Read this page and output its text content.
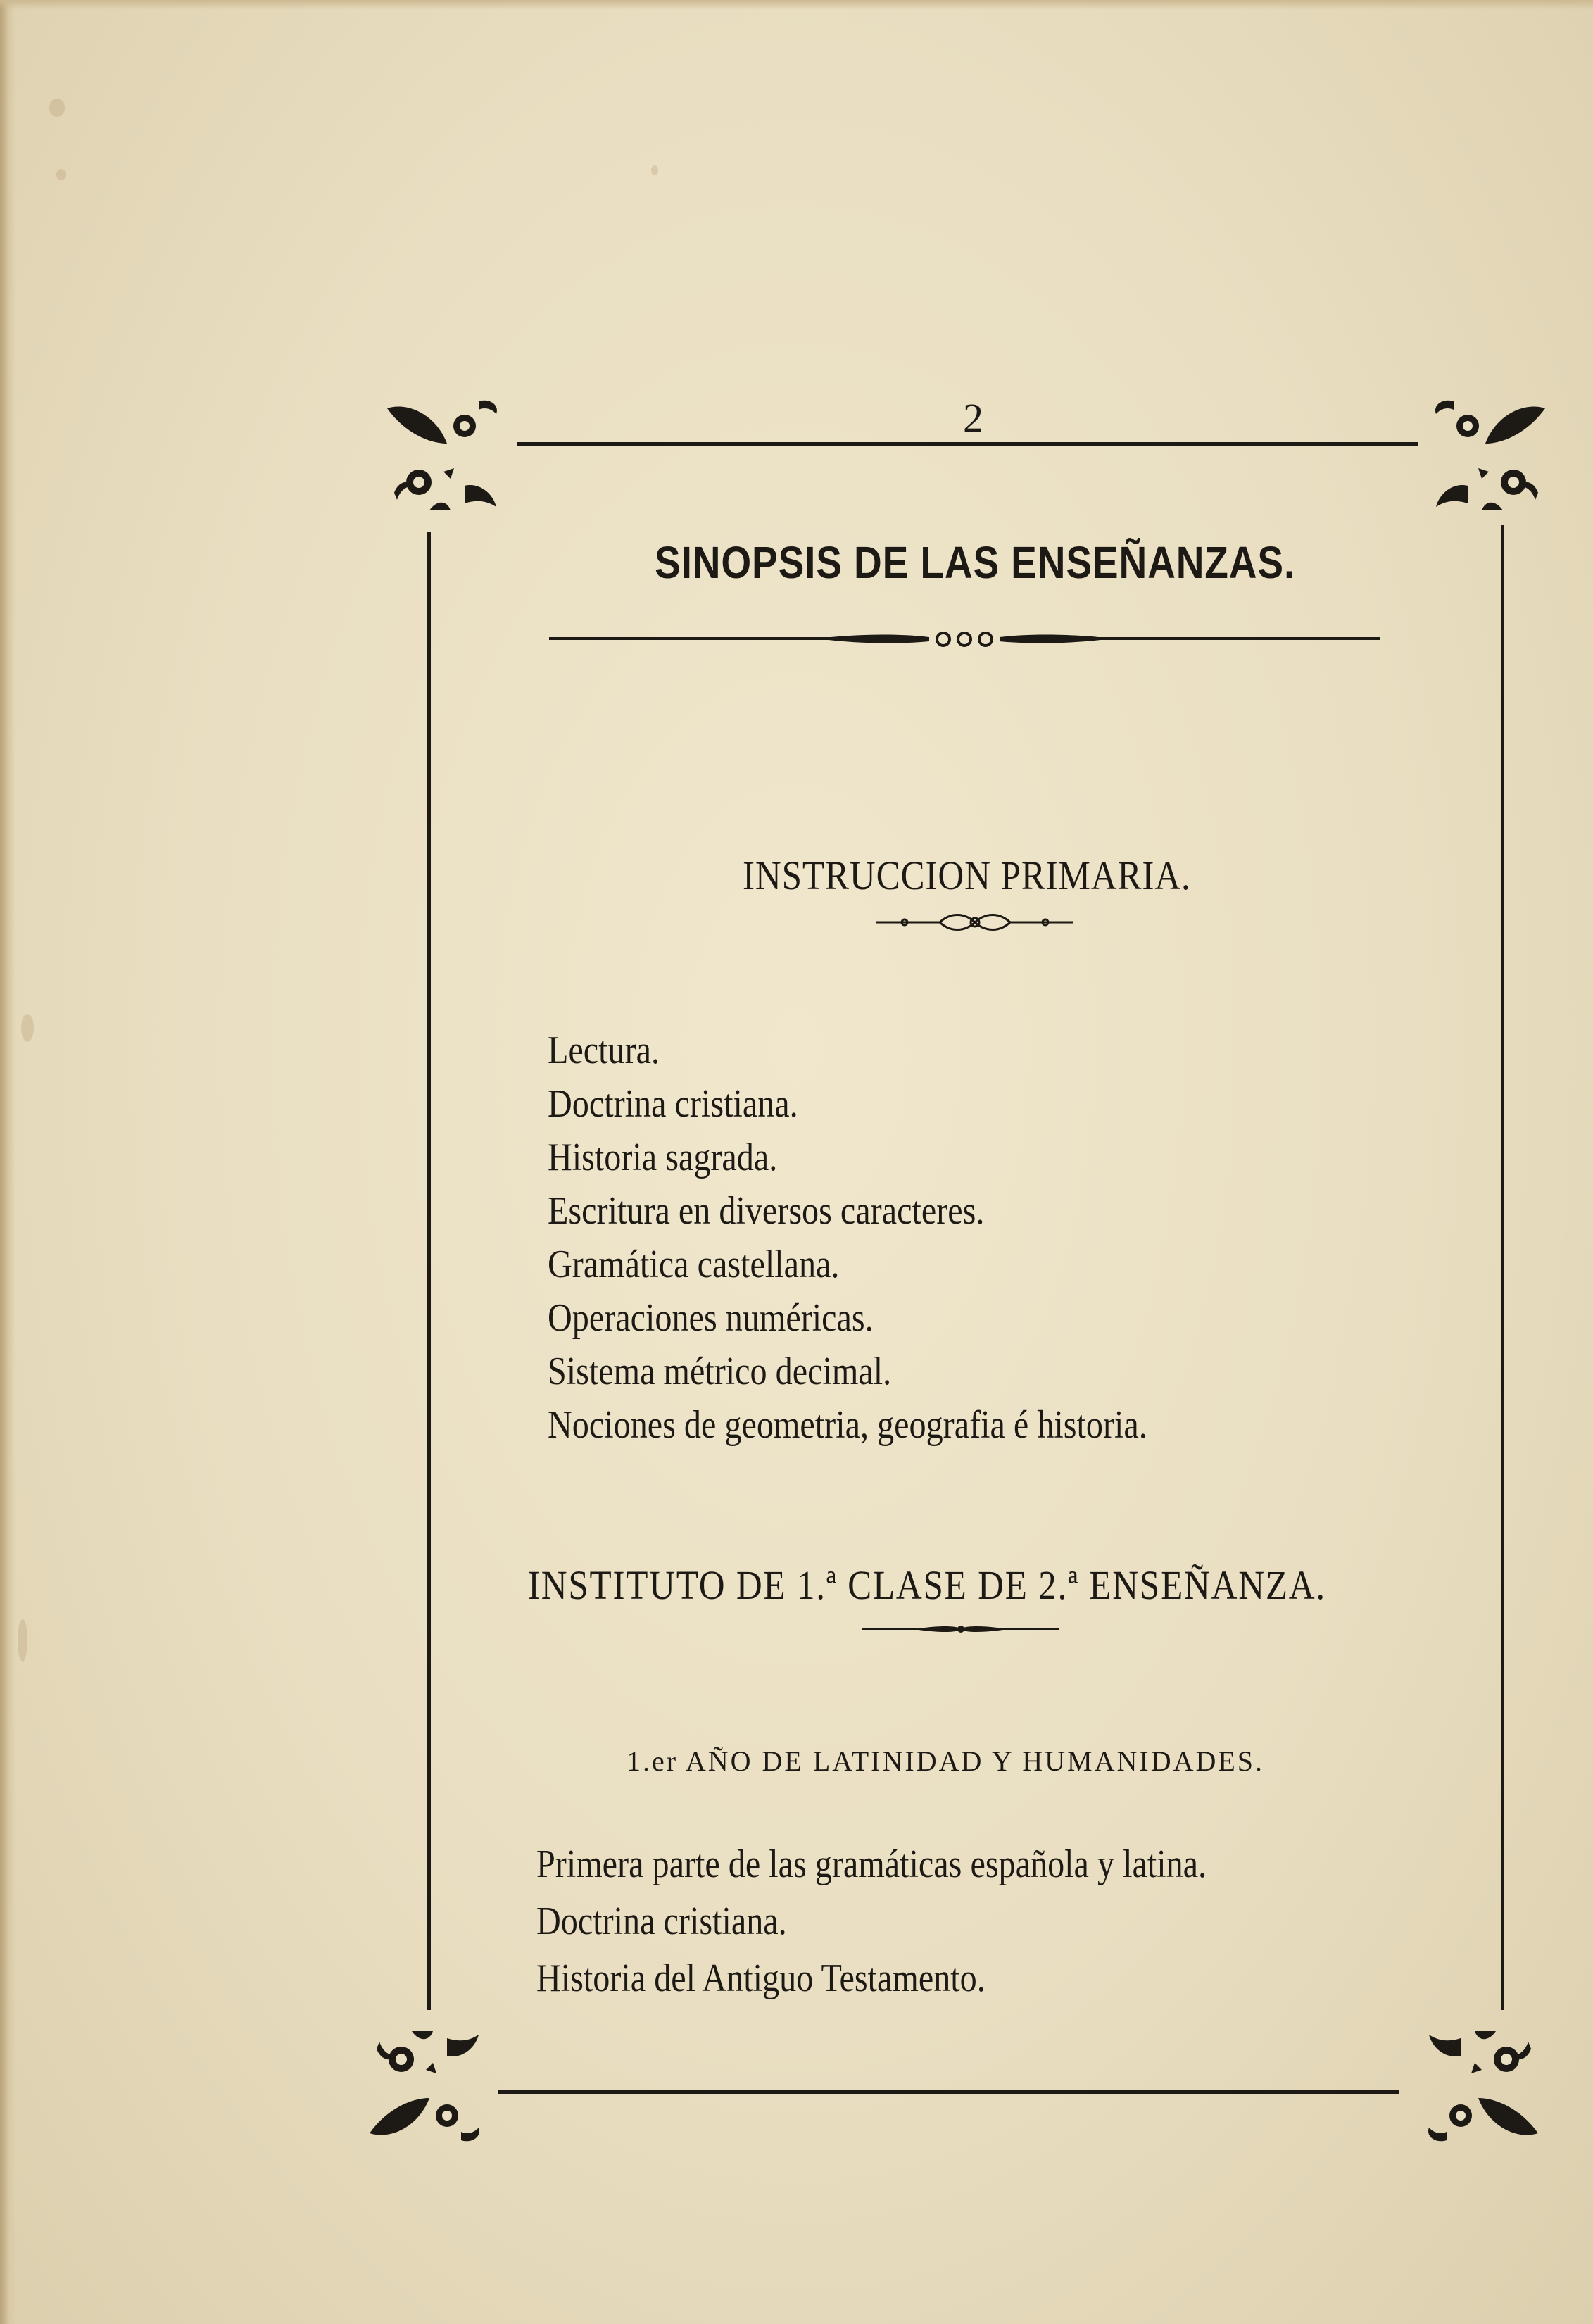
2
SINOPSIS DE LAS ENSEÑANZAS.
INSTRUCCION PRIMARIA.
Lectura.
Doctrina cristiana.
Historia sagrada.
Escritura en diversos caracteres.
Gramática castellana.
Operaciones numéricas.
Sistema métrico decimal.
Nociones de geometria, geografia é historia.
INSTITUTO DE 1.ª CLASE DE 2.ª ENSEÑANZA.
1.er AÑO DE LATINIDAD Y HUMANIDADES.
Primera parte de las gramáticas española y latina.
Doctrina cristiana.
Historia del Antiguo Testamento.
